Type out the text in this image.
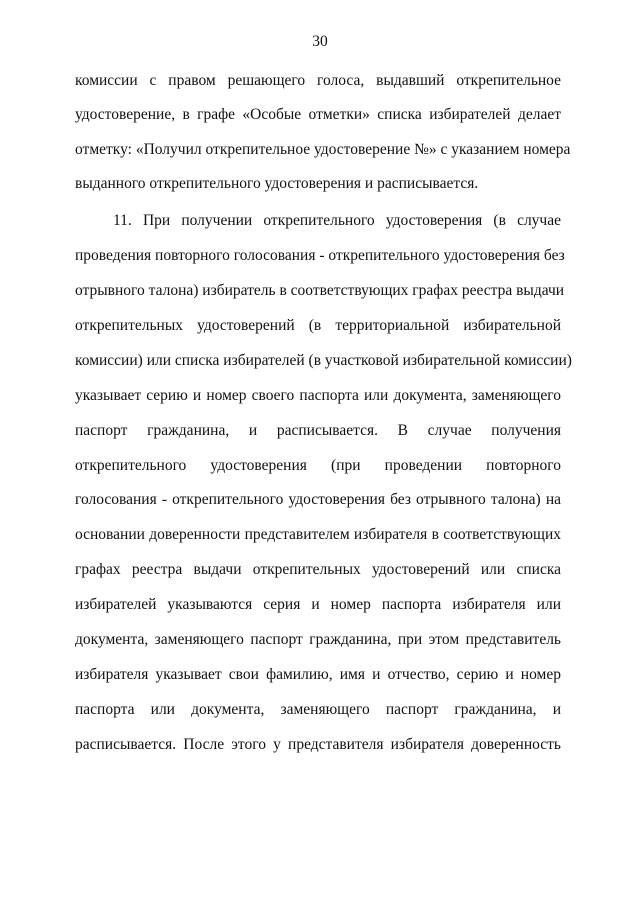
30
комиссии с правом решающего голоса, выдавший открепительное
удостоверение, в графе «Особые отметки» списка избирателей делает
отметку: «Получил открепительное удостоверение №» с указанием номера
выданного открепительного удостоверения и расписывается.
11. При получении открепительного удостоверения (в случае
проведения повторного голосования - открепительного удостоверения без
отрывного талона) избиратель в соответствующих графах реестра выдачи
открепительных удостоверений (в территориальной избирательной
комиссии) или списка избирателей (в участковой избирательной комиссии)
указывает серию и номер своего паспорта или документа, заменяющего
паспорт гражданина, и расписывается. В случае получения
открепительного удостоверения (при проведении повторного
голосования - открепительного удостоверения без отрывного талона) на
основании доверенности представителем избирателя в соответствующих
графах реестра выдачи открепительных удостоверений или списка
избирателей указываются серия и номер паспорта избирателя или
документа, заменяющего паспорт гражданина, при этом представитель
избирателя указывает свои фамилию, имя и отчество, серию и номер
паспорта или документа, заменяющего паспорт гражданина, и
расписывается. После этого у представителя избирателя доверенность
